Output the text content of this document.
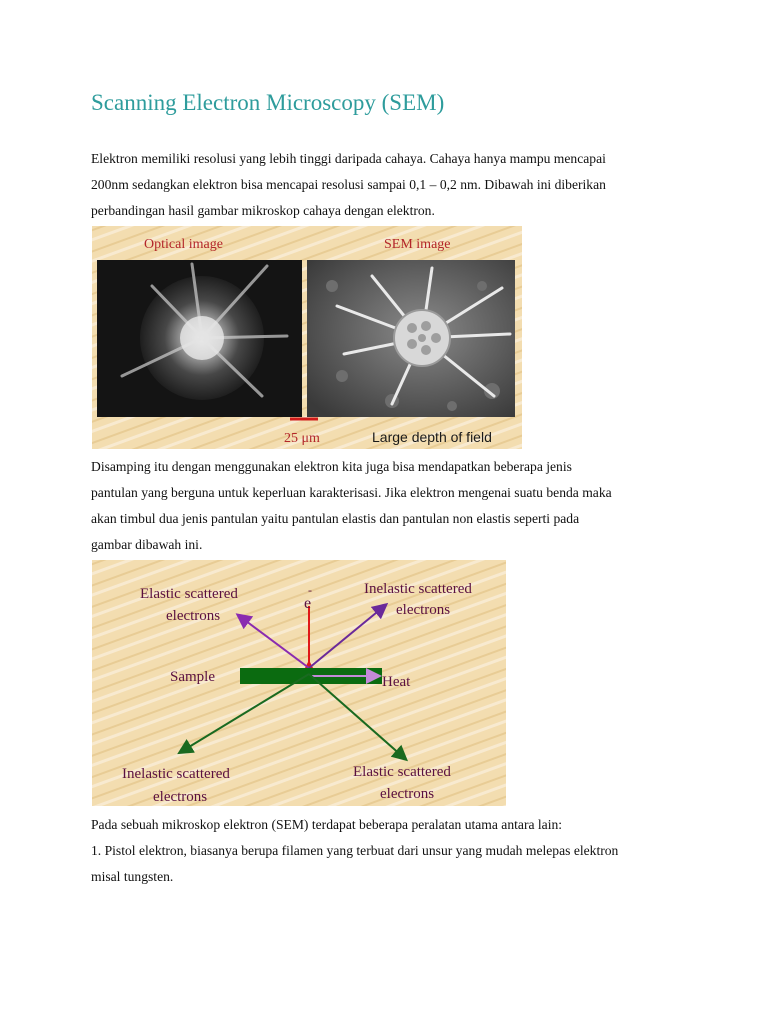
Scanning Electron Microscopy (SEM)

Elektron memiliki resolusi yang lebih tinggi daripada cahaya. Cahaya hanya mampu mencapai
200nm sedangkan elektron bisa mencapai resolusi sampai 0,1 – 0,2 nm. Dibawah ini diberikan
perbandingan hasil gambar mikroskop cahaya dengan elektron.

Optical image	SEM image
25 μm	Large depth of field

Disamping itu dengan menggunakan elektron kita juga bisa mendapatkan beberapa jenis
pantulan yang berguna untuk keperluan karakterisasi. Jika elektron mengenai suatu benda maka
akan timbul dua jenis pantulan yaitu pantulan elastis dan pantulan non elastis seperti pada
gambar dibawah ini.

Elastic scattered
electrons
e
-	Inelastic scattered
electrons
Sample	Heat
Inelastic scattered
electrons
Elastic scattered
electrons

Pada sebuah mikroskop elektron (SEM) terdapat beberapa peralatan utama antara lain:
1. Pistol elektron, biasanya berupa filamen yang terbuat dari unsur yang mudah melepas elektron
misal tungsten.
